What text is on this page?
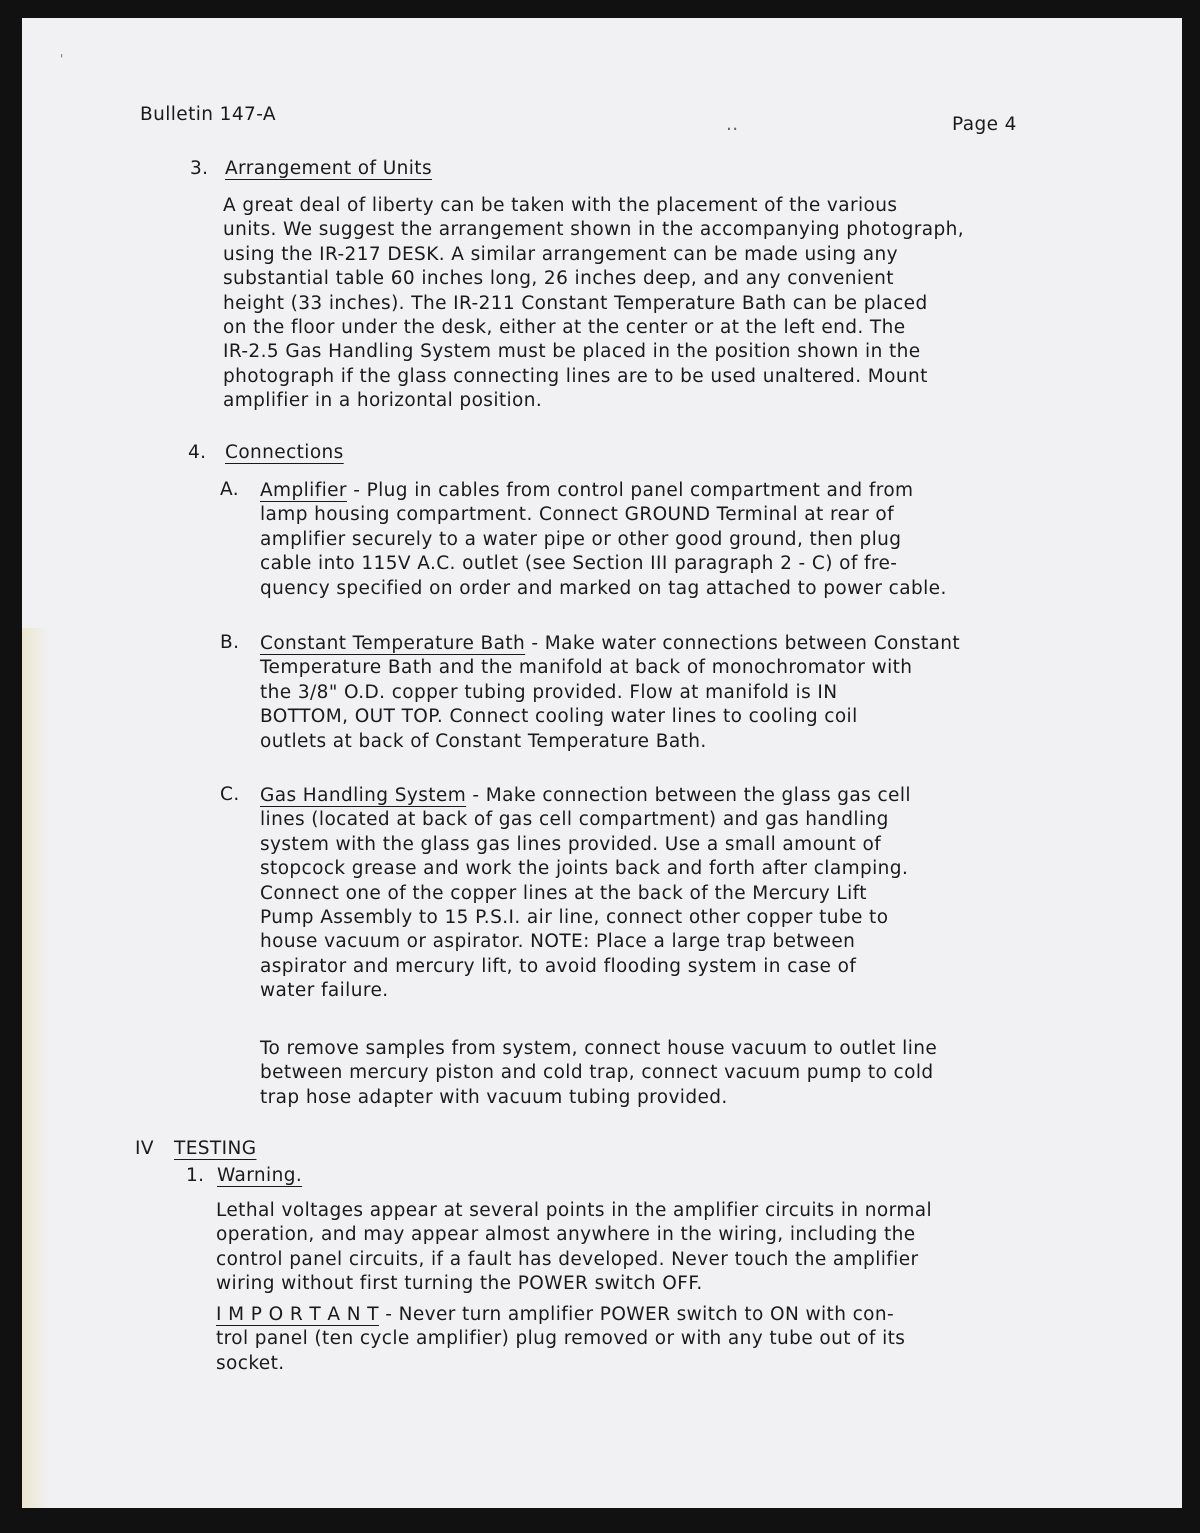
'
Bulletin 147-A	..	Page 4
3. Arrangement of Units
A great deal of liberty can be taken with the placement of the various
units. We suggest the arrangement shown in the accompanying photograph,
using the IR-217 DESK. A similar arrangement can be made using any
substantial table 60 inches long, 26 inches deep, and any convenient
height (33 inches). The IR-211 Constant Temperature Bath can be placed
on the floor under the desk, either at the center or at the left end. The
IR-2.5 Gas Handling System must be placed in the position shown in the
photograph if the glass connecting lines are to be used unaltered. Mount
amplifier in a horizontal position.
4. Connections
A. Amplifier - Plug in cables from control panel compartment and from
lamp housing compartment. Connect GROUND Terminal at rear of
amplifier securely to a water pipe or other good ground, then plug
cable into 115V A.C. outlet (see Section III paragraph 2 - C) of fre-
quency specified on order and marked on tag attached to power cable.
B. Constant Temperature Bath - Make water connections between Constant
Temperature Bath and the manifold at back of monochromator with
the 3/8" O.D. copper tubing provided. Flow at manifold is IN
BOTTOM, OUT TOP. Connect cooling water lines to cooling coil
outlets at back of Constant Temperature Bath.
C. Gas Handling System - Make connection between the glass gas cell
lines (located at back of gas cell compartment) and gas handling
system with the glass gas lines provided. Use a small amount of
stopcock grease and work the joints back and forth after clamping.
Connect one of the copper lines at the back of the Mercury Lift
Pump Assembly to 15 P.S.I. air line, connect other copper tube to
house vacuum or aspirator. NOTE: Place a large trap between
aspirator and mercury lift, to avoid flooding system in case of
water failure.
To remove samples from system, connect house vacuum to outlet line
between mercury piston and cold trap, connect vacuum pump to cold
trap hose adapter with vacuum tubing provided.
IV TESTING
1. Warning.
Lethal voltages appear at several points in the amplifier circuits in normal
operation, and may appear almost anywhere in the wiring, including the
control panel circuits, if a fault has developed. Never touch the amplifier
wiring without first turning the POWER switch OFF.
I M P O R T A N T - Never turn amplifier POWER switch to ON with con-
trol panel (ten cycle amplifier) plug removed or with any tube out of its
socket.
